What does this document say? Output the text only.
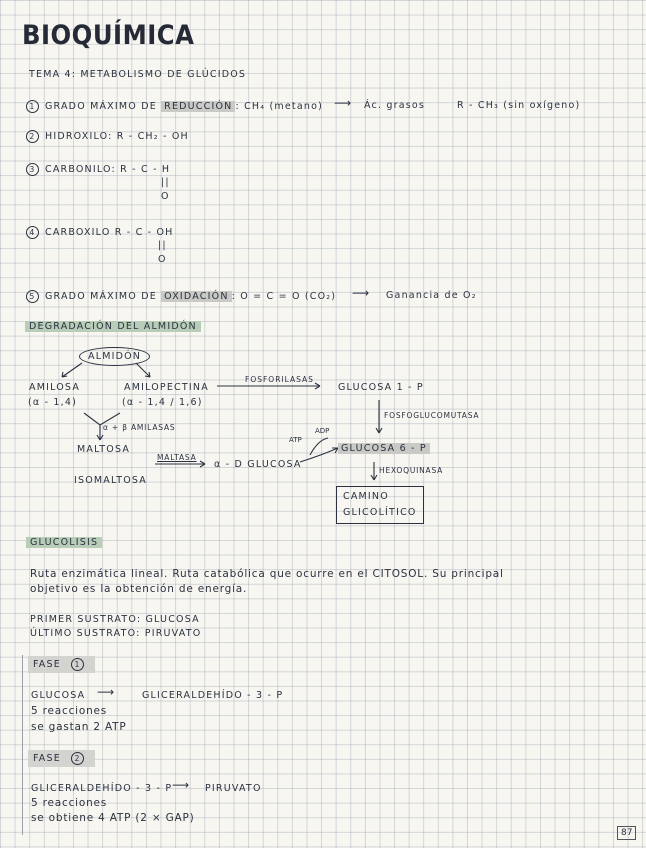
BIOQUÍMICA
TEMA 4: METABOLISMO DE GLÚCIDOS
1 GRADO MÁXIMO DE REDUCCIÓN : CH₄ (metano) ⟶ Ác. grasos	R - CH₃ (sin oxígeno)
2 HIDROXILO: R - CH₂ - OH
3 CARBONILO: R - C - H
||
O
4 CARBOXILO R - C - OH
||
O
5 GRADO MÁXIMO DE OXIDACIÓN : O = C = O (CO₂) ⟶ Ganancia de O₂
DEGRADACIÓN DEL ALMIDÓN
ALMIDÓN
AMILOSA
(α - 1,4)
AMILOPECTINA
(α - 1,4 / 1,6)
FOSFORILASAS
GLUCOSA 1 - P
FOSFOGLUCOMUTASA
α + β AMILASAS
MALTOSA
MALTASA
α - D GLUCOSA
ATP
ADP
GLUCOSA 6 - P
ISOMALTOSA
HEXOQUINASA
CAMINO
GLICOLÍTICO
GLUCOLISIS
Ruta enzimática lineal. Ruta catabólica que ocurre en el CITOSOL. Su principal
objetivo es la obtención de energía.
PRIMER SUSTRATO: GLUCOSA
ÚLTIMO SUSTRATO: PIRUVATO
FASE 1
GLUCOSA ⟶	GLICERALDEHÍDO - 3 - P
5 reacciones
se gastan 2 ATP
FASE 2
GLICERALDEHÍDO - 3 - P ⟶ PIRUVATO
5 reacciones
se obtiene 4 ATP (2 × GAP)
87
